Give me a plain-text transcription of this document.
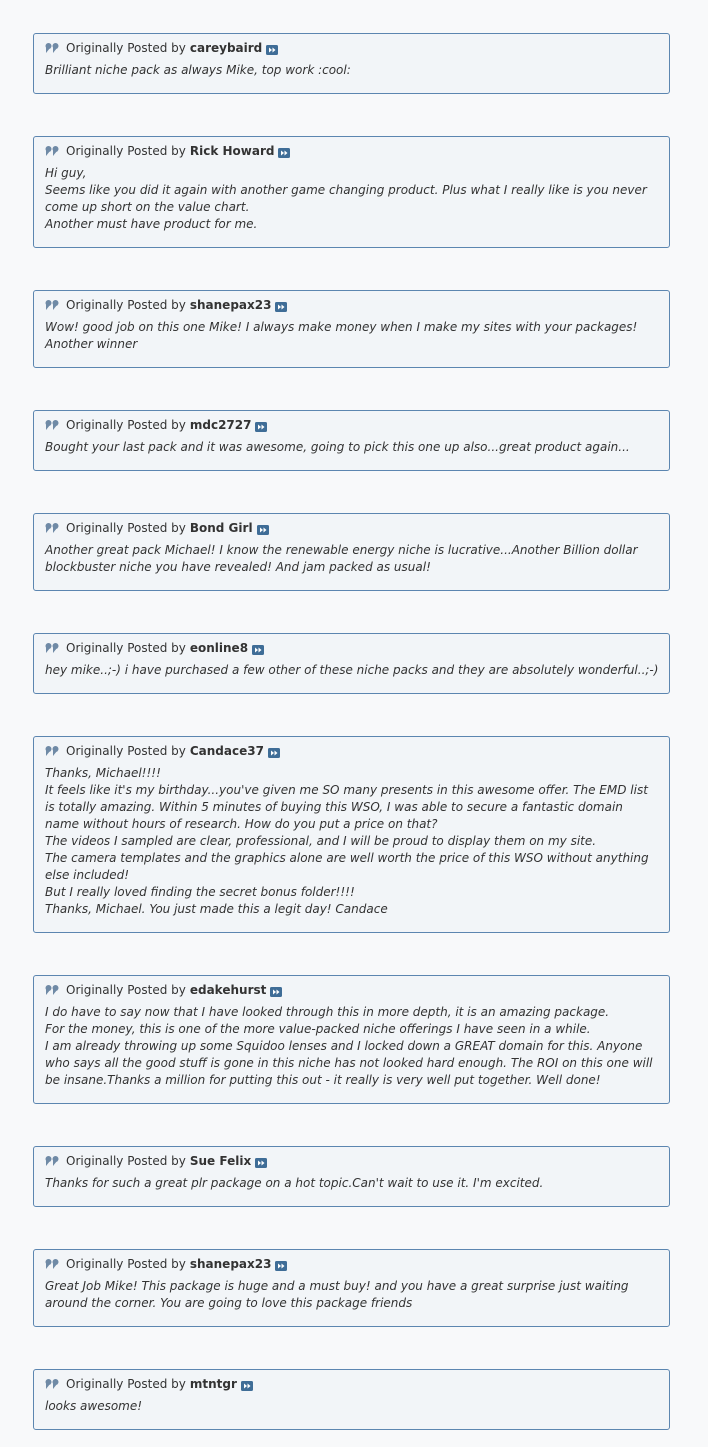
Originally Posted by careybaird
Brilliant niche pack as always Mike, top work :cool:
Originally Posted by Rick Howard
Hi guy,
Seems like you did it again with another game changing product. Plus what I really like is you never come up short on the value chart.
Another must have product for me.
Originally Posted by shanepax23
Wow! good job on this one Mike! I always make money when I make my sites with your packages!
Another winner
Originally Posted by mdc2727
Bought your last pack and it was awesome, going to pick this one up also...great product again...
Originally Posted by Bond Girl
Another great pack Michael! I know the renewable energy niche is lucrative...Another Billion dollar blockbuster niche you have revealed! And jam packed as usual!
Originally Posted by eonline8
hey mike..;-) i have purchased a few other of these niche packs and they are absolutely wonderful..;-)
Originally Posted by Candace37
Thanks, Michael!!!!
It feels like it's my birthday...you've given me SO many presents in this awesome offer. The EMD list is totally amazing. Within 5 minutes of buying this WSO, I was able to secure a fantastic domain name without hours of research. How do you put a price on that?
The videos I sampled are clear, professional, and I will be proud to display them on my site.
The camera templates and the graphics alone are well worth the price of this WSO without anything else included!
But I really loved finding the secret bonus folder!!!!
Thanks, Michael. You just made this a legit day! Candace
Originally Posted by edakehurst
I do have to say now that I have looked through this in more depth, it is an amazing package.
For the money, this is one of the more value-packed niche offerings I have seen in a while.
I am already throwing up some Squidoo lenses and I locked down a GREAT domain for this. Anyone who says all the good stuff is gone in this niche has not looked hard enough. The ROI on this one will be insane.Thanks a million for putting this out - it really is very well put together. Well done!
Originally Posted by Sue Felix
Thanks for such a great plr package on a hot topic.Can't wait to use it. I'm excited.
Originally Posted by shanepax23
Great Job Mike! This package is huge and a must buy! and you have a great surprise just waiting around the corner. You are going to love this package friends
Originally Posted by mtntgr
looks awesome!
